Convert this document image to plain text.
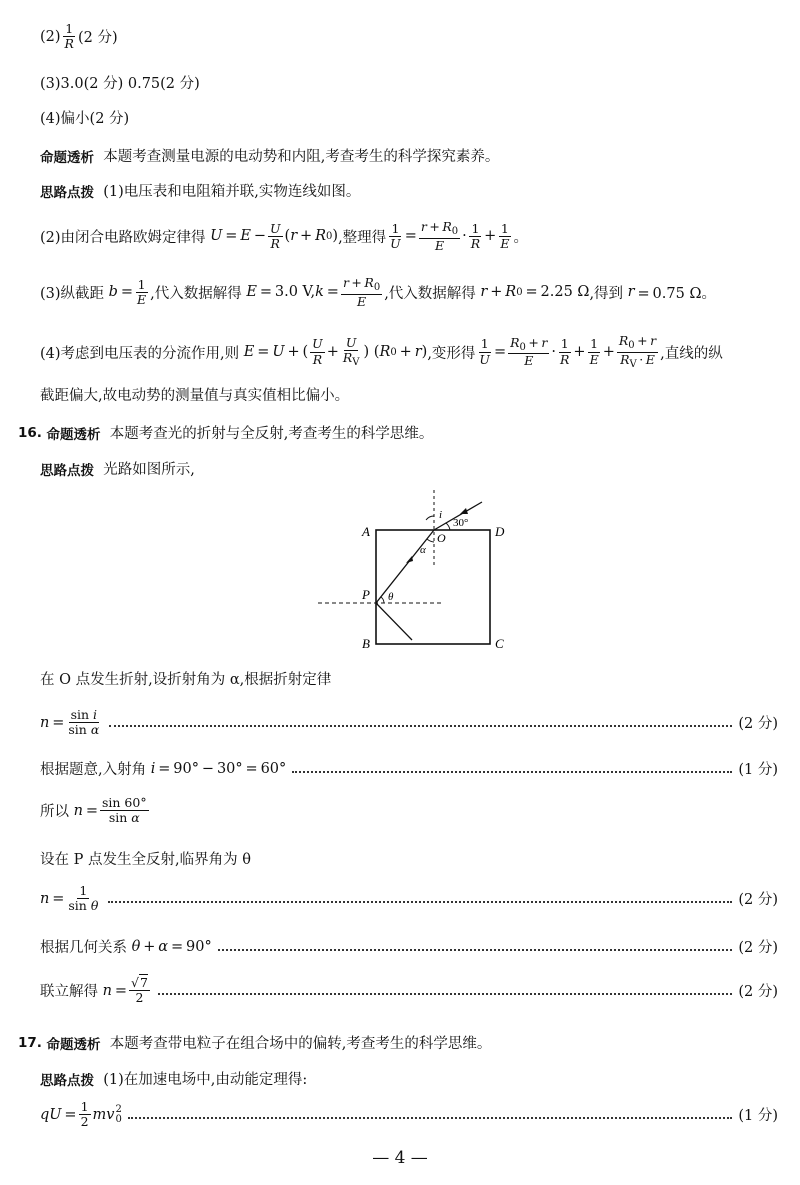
$(2) \frac{1}{R} (2$ 分)
(3)3.0(2 分) 0.75(2 分)
(4)偏小(2 分)
命题透析
本题考查测量电源的电动势和内阻,考查考生的科学探究素养。
思路点拨
(1)电压表和电阻箱并联,实物连线如图。
(2)由闭合电路欧姆定律得
$U = E - \frac{U}{R}$ ( r  +  R 0 ) ,整理得 $\frac{1}{U} = \frac{r + R_0}{E} \cdot \frac{1}{R} + \frac{1}{E}$ 。
(3)纵截距
$b = \frac{1}{E}$ ,代入数据解得
E  = 3.0 V, $k = \frac{r + R_0}{E}$ ,代入数据解得
r  +  R 0  = 2.25 Ω ,得到
r  = 0.75 Ω。
(4)考虑到电压表的分流作用,则
E  =  U  + ( $\frac{U}{R} + \frac{U}{R_V}$ ) ( R 0  +  r ) ,变形得 $\frac{1}{U} = \frac{R_0 + r}{E} \cdot \frac{1}{R} + \frac{1}{E} + \frac{R_0 + r}{R_V \cdot E}$ ,直线的纵
截距偏大,故电动势的测量值与真实值相比偏小。
16.
命题透析
本题考查光的折射与全反射,考查考生的科学思维。
思路点拨
光路如图所示,
A	D
B	C
O
P
i
30°
α
θ
在 O 点发生折射,设折射角为 α,根据折射定律
$n = \frac{\text{sin i}}{\text{sin α}}$	(2 分)
根据题意,入射角
i  = 90° − 30° = 60°	(1 分)
所以
$n = \frac{\sin 60^\circ}{\text{sin α}}$
设在 P 点发生全反射,临界角为 θ
$n = \frac{1}{\text{sin θ}}$	(2 分)
根据几何关系
θ  +  α  = 90°	(2 分)
联立解得
$n = \frac{√7}{2}$	(2 分)
17.
命题透析
本题考查带电粒子在组合场中的偏转,考查考生的科学思维。
思路点拨
(1)在加速电场中,由动能定理得:
qU  = $\frac{1}{2}$ mv 2
0	(1 分)
— 4 —
